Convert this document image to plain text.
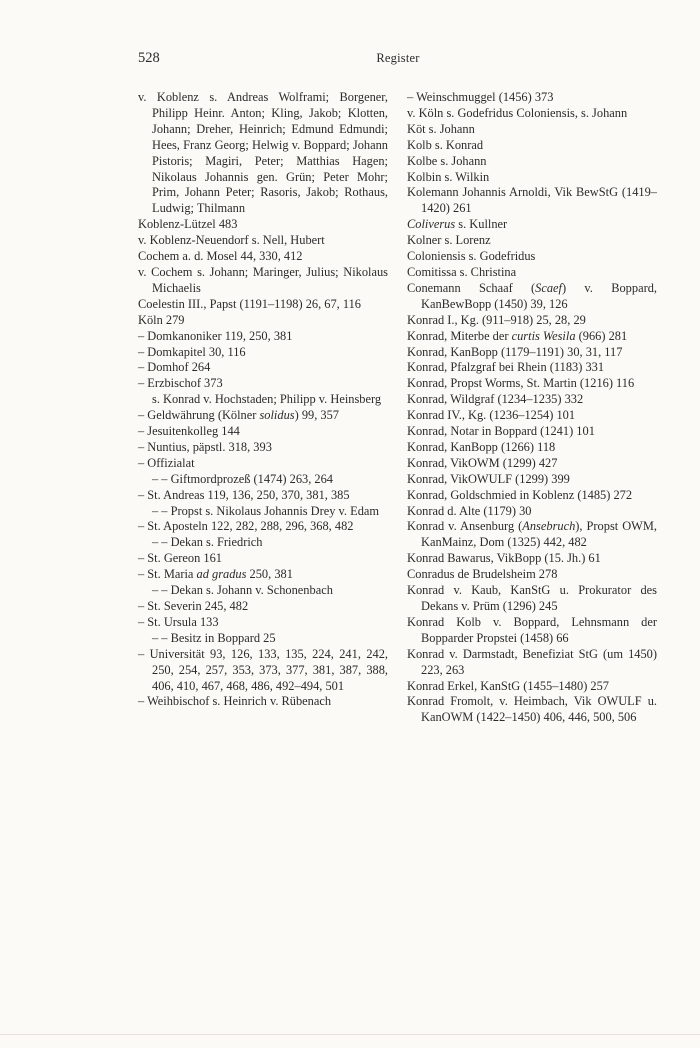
528	Register
v. Koblenz s. Andreas Wolframi; Borgener, Philipp Heinr. Anton; Kling, Jakob; Klotten, Johann; Dreher, Heinrich; Edmund Edmundi; Hees, Franz Georg; Helwig v. Boppard; Johann Pistoris; Magiri, Peter; Matthias Hagen; Nikolaus Johannis gen. Grün; Peter Mohr; Prim, Johann Peter; Rasoris, Jakob; Rothaus, Ludwig; Thilmann
Koblenz-Lützel 483
v. Koblenz-Neuendorf s. Nell, Hubert
Cochem a. d. Mosel 44, 330, 412
v. Cochem s. Johann; Maringer, Julius; Nikolaus Michaelis
Coelestin III., Papst (1191–1198) 26, 67, 116
Köln 279
– Domkanoniker 119, 250, 381
– Domkapitel 30, 116
– Domhof 264
– Erzbischof 373
s. Konrad v. Hochstaden; Philipp v. Heinsberg
– Geldwährung (Kölner solidus) 99, 357
– Jesuitenkolleg 144
– Nuntius, päpstl. 318, 393
– Offizialat
– – Giftmordprozeß (1474) 263, 264
– St. Andreas 119, 136, 250, 370, 381, 385
– – Propst s. Nikolaus Johannis Drey v. Edam
– St. Aposteln 122, 282, 288, 296, 368, 482
– – Dekan s. Friedrich
– St. Gereon 161
– St. Maria ad gradus 250, 381
– – Dekan s. Johann v. Schonenbach
– St. Severin 245, 482
– St. Ursula 133
– – Besitz in Boppard 25
– Universität 93, 126, 133, 135, 224, 241, 242, 250, 254, 257, 353, 373, 377, 381, 387, 388, 406, 410, 467, 468, 486, 492–494, 501
– Weihbischof s. Heinrich v. Rübenach
– Weinschmuggel (1456) 373
v. Köln s. Godefridus Coloniensis, s. Johann
Köt s. Johann
Kolb s. Konrad
Kolbe s. Johann
Kolbin s. Wilkin
Kolemann Johannis Arnoldi, Vik BewStG (1419–1420) 261
Coliverus s. Kullner
Kolner s. Lorenz
Coloniensis s. Godefridus
Comitissa s. Christina
Conemann Schaaf (Scaef) v. Boppard, KanBewBopp (1450) 39, 126
Konrad I., Kg. (911–918) 25, 28, 29
Konrad, Miterbe der curtis Wesila (966) 281
Konrad, KanBopp (1179–1191) 30, 31, 117
Konrad, Pfalzgraf bei Rhein (1183) 331
Konrad, Propst Worms, St. Martin (1216) 116
Konrad, Wildgraf (1234–1235) 332
Konrad IV., Kg. (1236–1254) 101
Konrad, Notar in Boppard (1241) 101
Konrad, KanBopp (1266) 118
Konrad, VikOWM (1299) 427
Konrad, VikOWULF (1299) 399
Konrad, Goldschmied in Koblenz (1485) 272
Konrad d. Alte (1179) 30
Konrad v. Ansenburg (Ansebruch), Propst OWM, KanMainz, Dom (1325) 442, 482
Konrad Bawarus, VikBopp (15. Jh.) 61
Conradus de Brudelsheim 278
Konrad v. Kaub, KanStG u. Prokurator des Dekans v. Prüm (1296) 245
Konrad Kolb v. Boppard, Lehnsmann der Bopparder Propstei (1458) 66
Konrad v. Darmstadt, Benefiziat StG (um 1450) 223, 263
Konrad Erkel, KanStG (1455–1480) 257
Konrad Fromolt, v. Heimbach, Vik OWULF u. KanOWM (1422–1450) 406, 446, 500, 506
